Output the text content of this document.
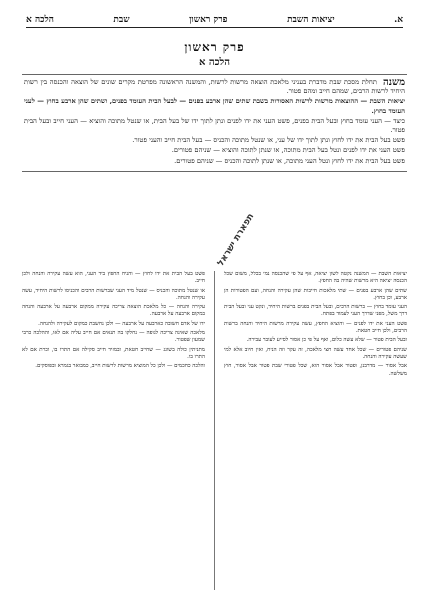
א.
יציאות השבת
פרק ראשון
שבת
הלכה א
פרק ראשון
הלכה א
משנה

תחלת מסכת שבת מדברת בעניני מלאכת הוצאה מרשות לרשות, והמשנה הראשונה מפרטת מקרים שונים של הוצאה והכנסה בין רשות היחיד לרשות הרבים, שמהם חייב ומהם פטור.

יציאות השבת — ההוצאות מרשות לרשות האסורות בשבת שתים שהן ארבע בפנים — לבעל הבית העומד בפנים, ושתים שהן ארבע בחוץ — לעני העומד בחוץ.

כיצד — העני עומד בחוץ ובעל הבית בפנים, פשט העני את ידו לפנים ונתן לתוך ידו של בעל הבית, או שנטל מתוכה והוציא — העני חייב ובעל הבית פטור.

פשט בעל הבית את ידו לחוץ ונתן לתוך ידו של עני, או שנטל מתוכה והכניס — בעל הבית חייב והעני פטור.

פשט העני את ידו לפנים ונטל בעל הבית מתוכה, או שנתן לתוכה והוציא — שניהם פטורים.

פשט בעל הבית את ידו לחוץ ונטל העני מתוכה, או שנתן לתוכה והכניס — שניהם פטורים.

תפארת ישראל

יציאות השבת — המשנה נקטה לשון יציאה, אף על פי שהכנסה נמי בכלל, משום שכל הכנסה יציאה היא מרשות שהיה בה החפץ.

שתים שהן ארבע בפנים — שתי מלאכות חייבות שהן עקירה והנחה, ועם הפטורות הן ארבע, וכן בחוץ.

העני עומד בחוץ — ברשות הרבים, ובעל הבית בפנים ברשות היחיד, ונקט עני ובעל הבית דרך משל, מפני שדרך העני לעמוד בפתח.

פשט העני את ידו לפנים — והוציא החפץ, עשה עקירה מרשות היחיד והנחה ברשות הרבים, ולכן חייב חטאת.

ובעל הבית פטור — שלא עשה כלום, ואף על פי כן אסור לסייע לעובר עבירה.

שניהם פטורים — שכל אחד עשה חצי מלאכה, זה עקר וזה הניח, ואין חיוב אלא למי שעשה עקירה והנחה.

אבל אסור — מדרבנן, ופטור אבל אסור הוא, שכל פטורי שבת פטור אבל אסור, חוץ משלשה.

פשט בעל הבית את ידו לחוץ — והניח החפץ ביד העני, הוא עשה עקירה והנחה ולכן חייב.

או שנטל מתוכה והכניס — שנטל מיד העני שברשות הרבים והכניסו לרשות היחיד, עשה עקירה והנחה.

עקירה והנחה — כל מלאכת הוצאה צריכה עקירה ממקום ארבעה על ארבעה והנחה במקום ארבעה על ארבעה.

ידו של אדם חשובה כארבעה על ארבעה — ולכן נחשבת כמקום לעקירה ולהנחה.

מלאכה שאינה צריכה לגופה — נחלקו בה תנאים אם חייב עליה אם לאו, וההלכה כרבי שמעון שפטור.

מתניתין כולה בשוגג — שחייב חטאת, ובמזיד חייב סקילה אם התרו בו, וכרת אם לא התרו בו.

והלכה כחכמים — ולכן כל המוציא מרשות לרשות חייב, כמבואר בגמרא ובפוסקים.
